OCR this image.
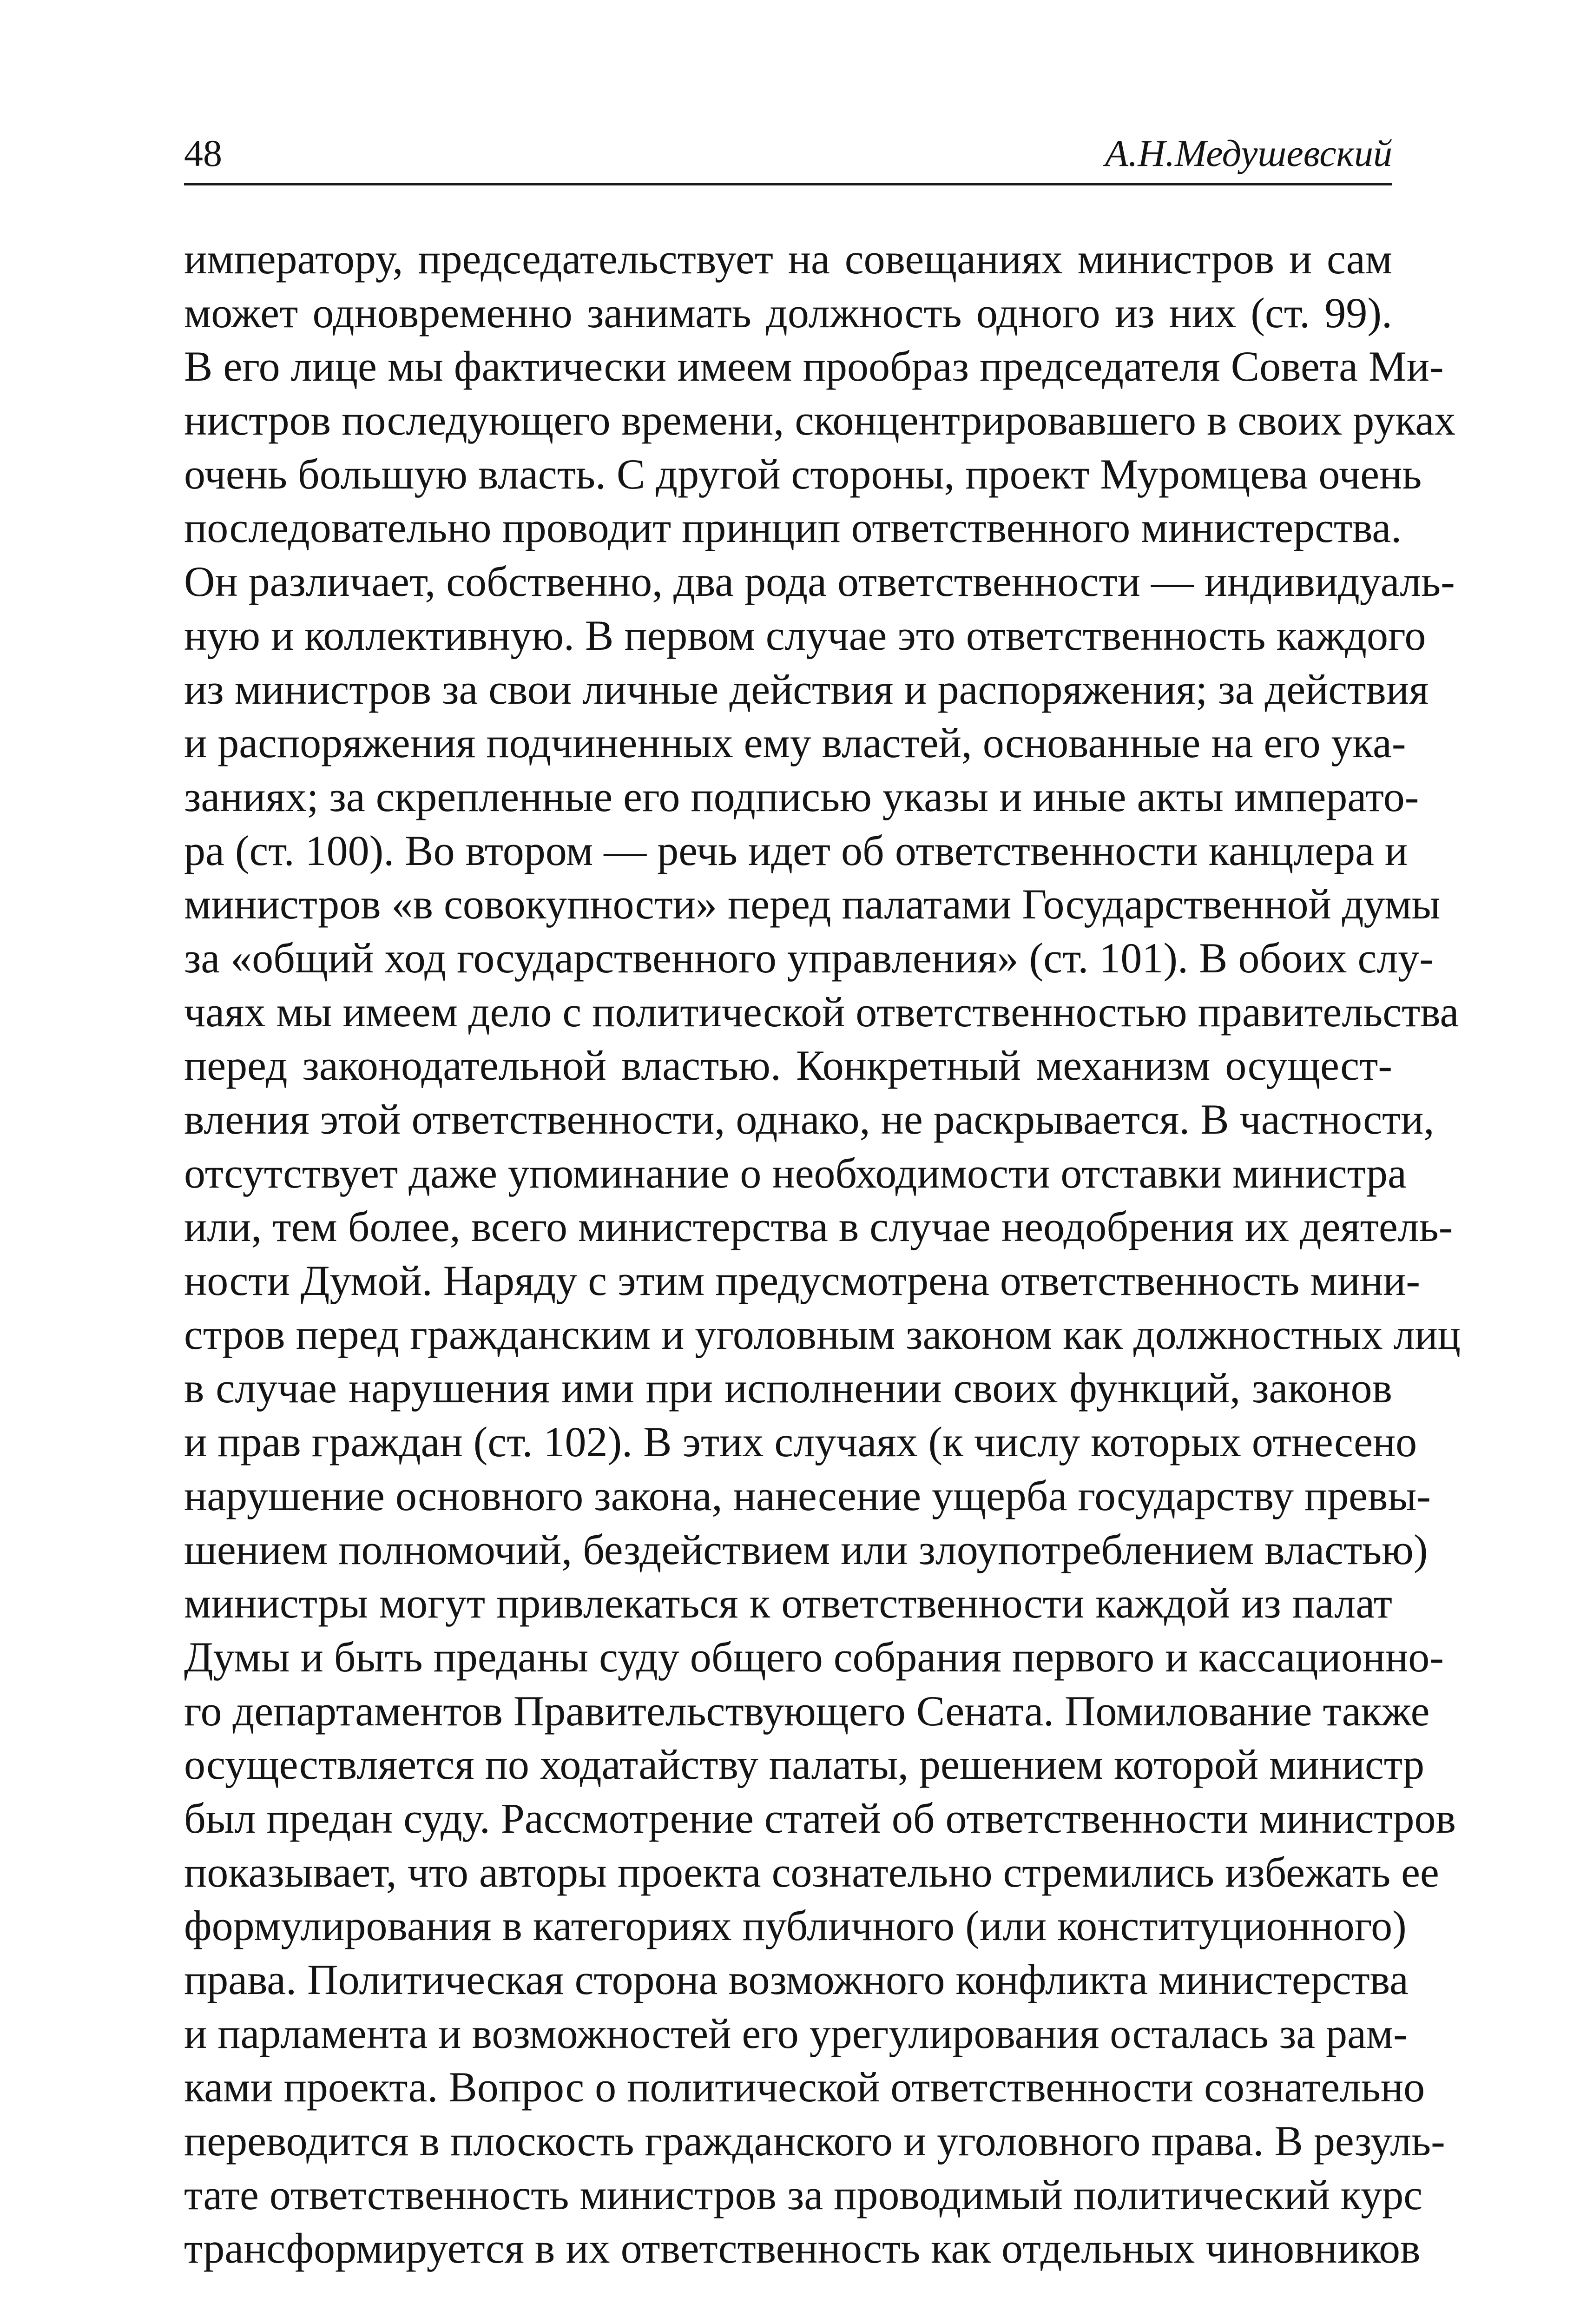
48	А.Н.Медушевский
императору, председательствует на совещаниях министров и сам
может одновременно занимать должность одного из них (ст. 99).
В его лице мы фактически имеем прообраз председателя Совета Ми-
нистров последующего времени, сконцентрировавшего в своих руках
очень большую власть. С другой стороны, проект Муромцева очень
последовательно проводит принцип ответственного министерства.
Он различает, собственно, два рода ответственности — индивидуаль-
ную и коллективную. В первом случае это ответственность каждого
из министров за свои личные действия и распоряжения; за действия
и распоряжения подчиненных ему властей, основанные на его ука-
заниях; за скрепленные его подписью указы и иные акты императо-
ра (ст. 100). Во втором — речь идет об ответственности канцлера и
министров «в совокупности» перед палатами Государственной думы
за «общий ход государственного управления» (ст. 101). В обоих слу-
чаях мы имеем дело с политической ответственностью правительства
перед законодательной властью. Конкретный механизм осущест-
вления этой ответственности, однако, не раскрывается. В частности,
отсутствует даже упоминание о необходимости отставки министра
или, тем более, всего министерства в случае неодобрения их деятель-
ности Думой. Наряду с этим предусмотрена ответственность мини-
стров перед гражданским и уголовным законом как должностных лиц
в случае нарушения ими при исполнении своих функций, законов
и прав граждан (ст. 102). В этих случаях (к числу которых отнесено
нарушение основного закона, нанесение ущерба государству превы-
шением полномочий, бездействием или злоупотреблением властью)
министры могут привлекаться к ответственности каждой из палат
Думы и быть преданы суду общего собрания первого и кассационно-
го департаментов Правительствующего Сената. Помилование также
осуществляется по ходатайству палаты, решением которой министр
был предан суду. Рассмотрение статей об ответственности министров
показывает, что авторы проекта сознательно стремились избежать ее
формулирования в категориях публичного (или конституционного)
права. Политическая сторона возможного конфликта министерства
и парламента и возможностей его урегулирования осталась за рам-
ками проекта. Вопрос о политической ответственности сознательно
переводится в плоскость гражданского и уголовного права. В резуль-
тате ответственность министров за проводимый политический курс
трансформируется в их ответственность как отдельных чиновников
